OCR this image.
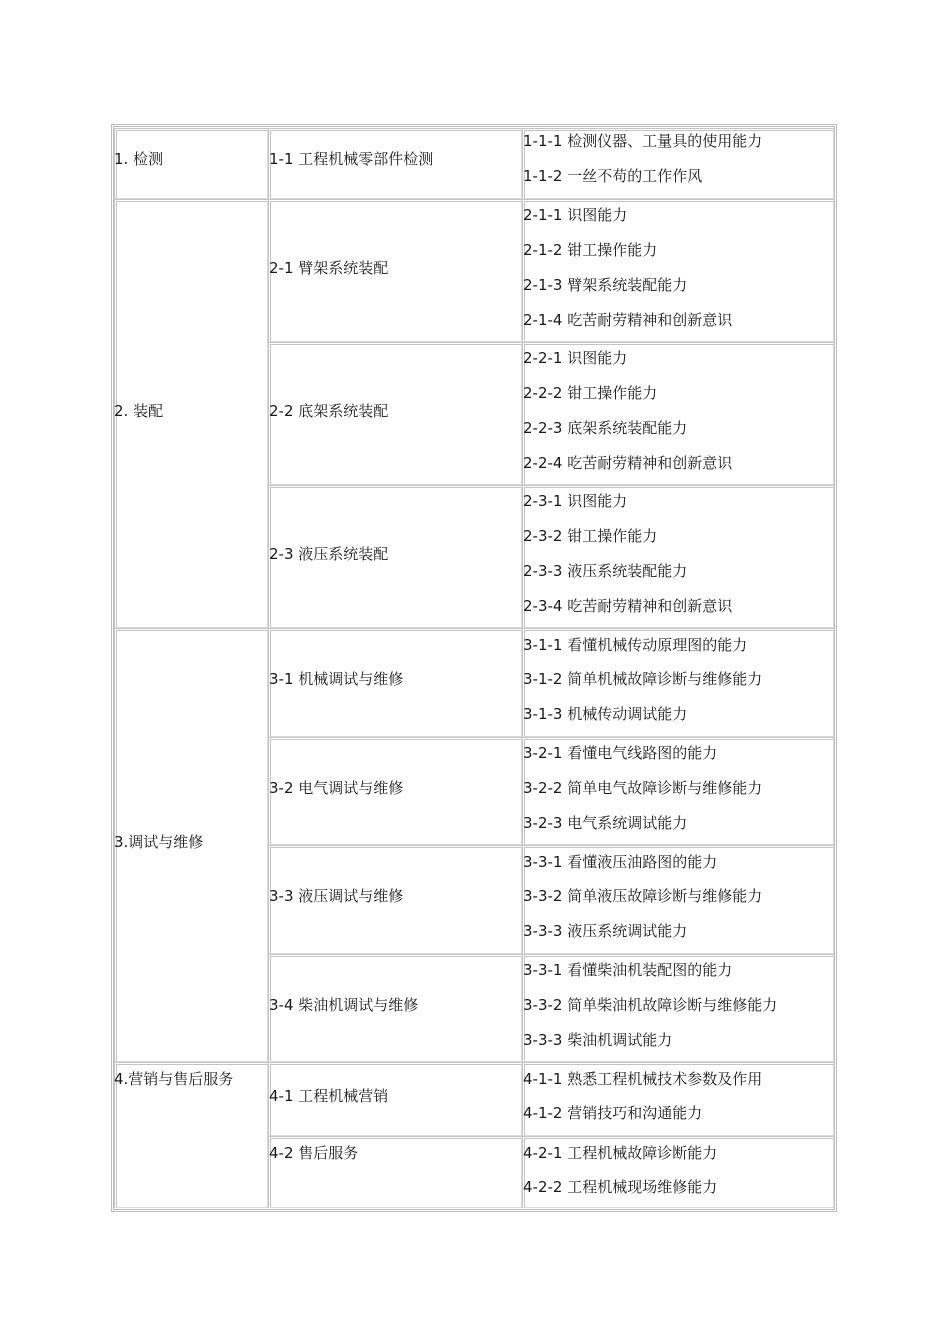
1. 检测	1-1 工程机械零部件检测
1-1-1 检测仪器、工量具的使用能力
1-1-2 一丝不苟的工作作风
2. 装配
2-1 臂架系统装配
2-1-1 识图能力
2-1-2 钳工操作能力
2-1-3 臂架系统装配能力
2-1-4 吃苦耐劳精神和创新意识
2-2 底架系统装配
2-2-1 识图能力
2-2-2 钳工操作能力
2-2-3 底架系统装配能力
2-2-4 吃苦耐劳精神和创新意识
2-3 液压系统装配
2-3-1 识图能力
2-3-2 钳工操作能力
2-3-3 液压系统装配能力
2-3-4 吃苦耐劳精神和创新意识
3.调试与维修
3-1 机械调试与维修
3-1-1 看懂机械传动原理图的能力
3-1-2 简单机械故障诊断与维修能力
3-1-3 机械传动调试能力
3-2 电气调试与维修
3-2-1 看懂电气线路图的能力
3-2-2 简单电气故障诊断与维修能力
3-2-3 电气系统调试能力
3-3 液压调试与维修
3-3-1 看懂液压油路图的能力
3-3-2 简单液压故障诊断与维修能力
3-3-3 液压系统调试能力
3-4 柴油机调试与维修
3-3-1 看懂柴油机装配图的能力
3-3-2 简单柴油机故障诊断与维修能力
3-3-3 柴油机调试能力
4.营销与售后服务
4-1 工程机械营销
4-1-1 熟悉工程机械技术参数及作用
4-1-2 营销技巧和沟通能力
4-2 售后服务	4-2-1 工程机械故障诊断能力
4-2-2 工程机械现场维修能力
